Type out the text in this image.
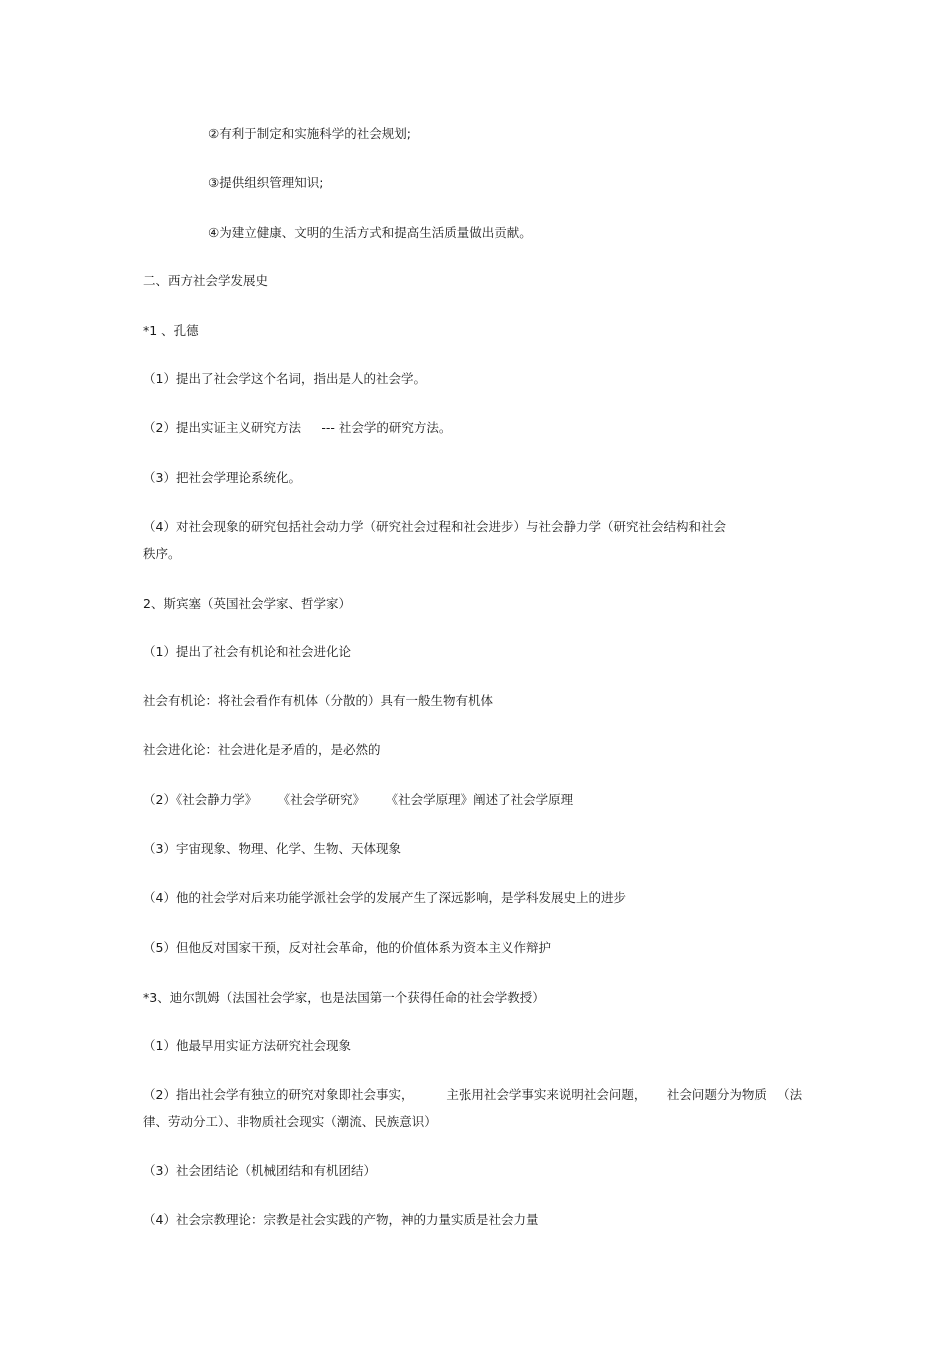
②有利于制定和实施科学的社会规划;

③提供组织管理知识;

④为建立健康、文明的生活方式和提高生活质量做出贡献。

二、西方社会学发展史

*1 、孔德

（1）提出了社会学这个名词，指出是人的社会学。

（2）提出实证主义研究方法 　 --- 社会学的研究方法。

（3）把社会学理论系统化。

（4）对社会现象的研究包括社会动力学（研究社会过程和社会进步）与社会静力学（研究社会结构和社会

秩序。

2、斯宾塞（英国社会学家、哲学家）

（1）提出了社会有机论和社会进化论

社会有机论：将社会看作有机体（分散的）具有一般生物有机体

社会进化论：社会进化是矛盾的，是必然的

（2）《社会静力学》 　 《社会学研究》 　 《社会学原理》阐述了社会学原理

（3）宇宙现象、物理、化学、生物、天体现象

（4）他的社会学对后来功能学派社会学的发展产生了深远影响，是学科发展史上的进步

（5）但他反对国家干预，反对社会革命，他的价值体系为资本主义作辩护

*3、迪尔凯姆（法国社会学家，也是法国第一个获得任命的社会学教授）

（1）他最早用实证方法研究社会现象

（2）指出社会学有独立的研究对象即社会事实， 　　 主张用社会学事实来说明社会问题， 　 社会问题分为物质 　（法

律、劳动分工）、非物质社会现实（潮流、民族意识）

（3）社会团结论（机械团结和有机团结）

（4）社会宗教理论：宗教是社会实践的产物，神的力量实质是社会力量
